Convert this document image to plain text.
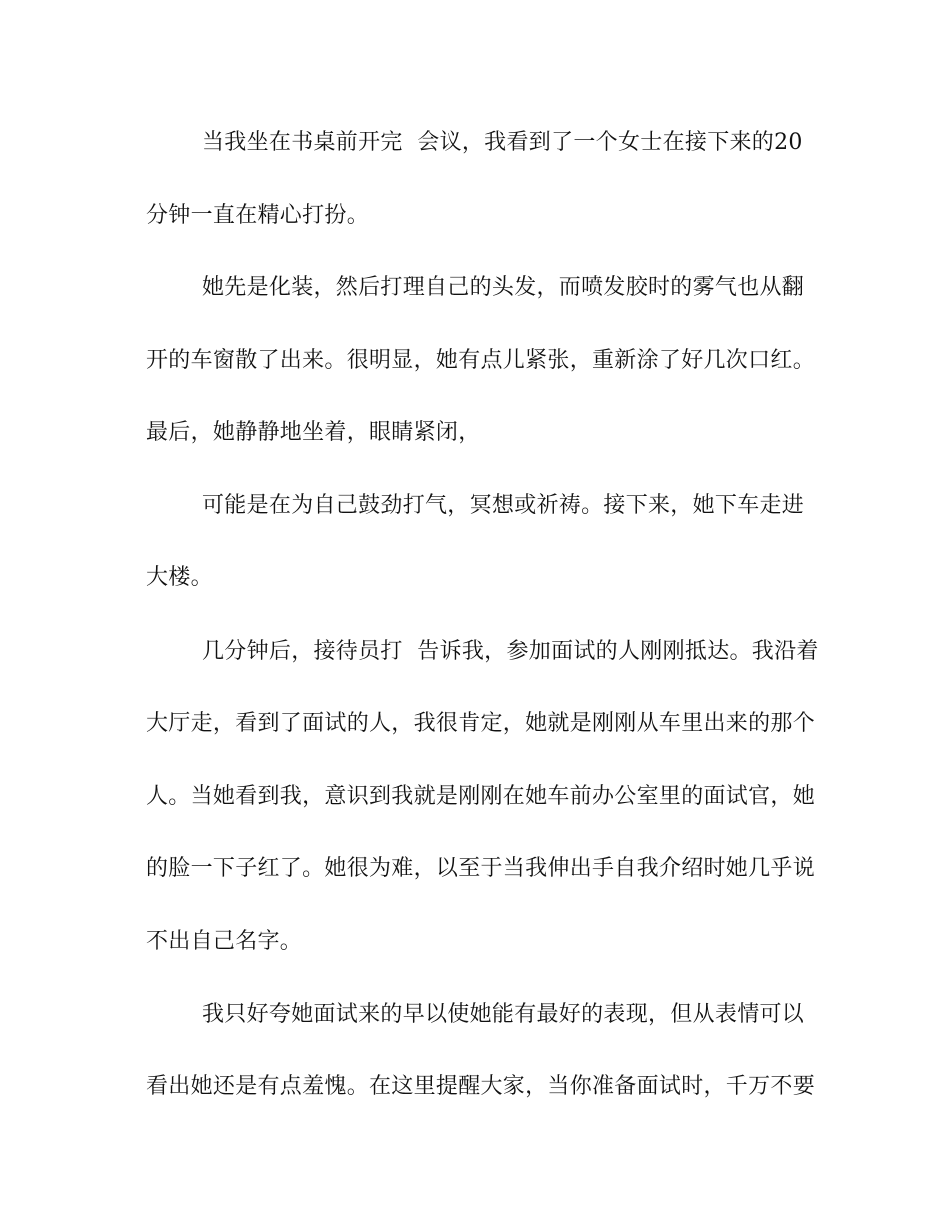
当我坐在书桌前开完  会议，我看到了一个女士在接下来的20
分钟一直在精心打扮。
她先是化装，然后打理自己的头发，而喷发胶时的雾气也从翻
开的车窗散了出来。很明显，她有点儿紧张，重新涂了好几次口红。
最后，她静静地坐着，眼睛紧闭，
可能是在为自己鼓劲打气，冥想或祈祷。接下来，她下车走进
大楼。
几分钟后，接待员打  告诉我，参加面试的人刚刚抵达。我沿着
大厅走，看到了面试的人，我很肯定，她就是刚刚从车里出来的那个
人。当她看到我，意识到我就是刚刚在她车前办公室里的面试官，她
的脸一下子红了。她很为难，以至于当我伸出手自我介绍时她几乎说
不出自己名字。
我只好夸她面试来的早以使她能有最好的表现，但从表情可以
看出她还是有点羞愧。在这里提醒大家，当你准备面试时，千万不要
